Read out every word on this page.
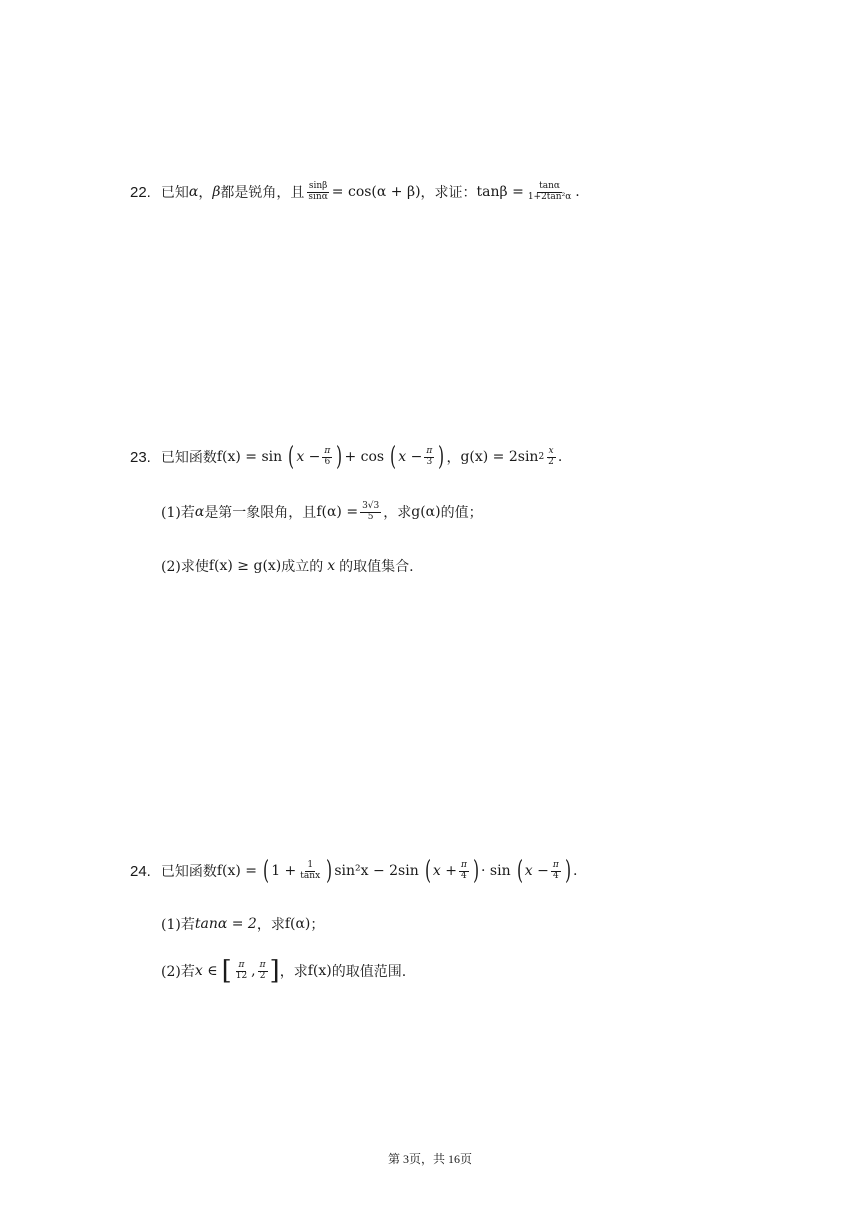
22. 已知 α ， β 都是锐角，且 $\frac{\sin\beta}{\sin\alpha} = \cos(\alpha + \beta)$ ，求证： $\tan\beta = \frac{\tan\alpha}{\text{1+2tan²α}}$ .
23. 已知函数 f(x) = sin ( $x - \frac{\pi}{6}$ ) + cos ( $x - \frac{\pi}{3}$ ) ， g(x) = 2sin $2 \frac{x}{2}$ .
(1)若 α 是第一象限角，且 $f(\alpha) = \frac{3√3}{5}$ ，求 g(α) 的值；
(2)求使 f(x) ≥ g(x) 成立的 x 的取值集合.
24. 已知函数 f(x) = ( $1 + \frac{1}{\tan x}$ ) sin²x − 2sin ( $x + \frac{\pi}{4}$ ) · sin ( $x - \frac{\pi}{4}$ ) .
(1)若 tanα = 2 ，求 f(α) ；
(2)若 x ∈ [ $\frac{\pi}{12}$ , $\frac{\pi}{2}$ ] ，求 f(x) 的取值范围.
第 3页，共 16页
